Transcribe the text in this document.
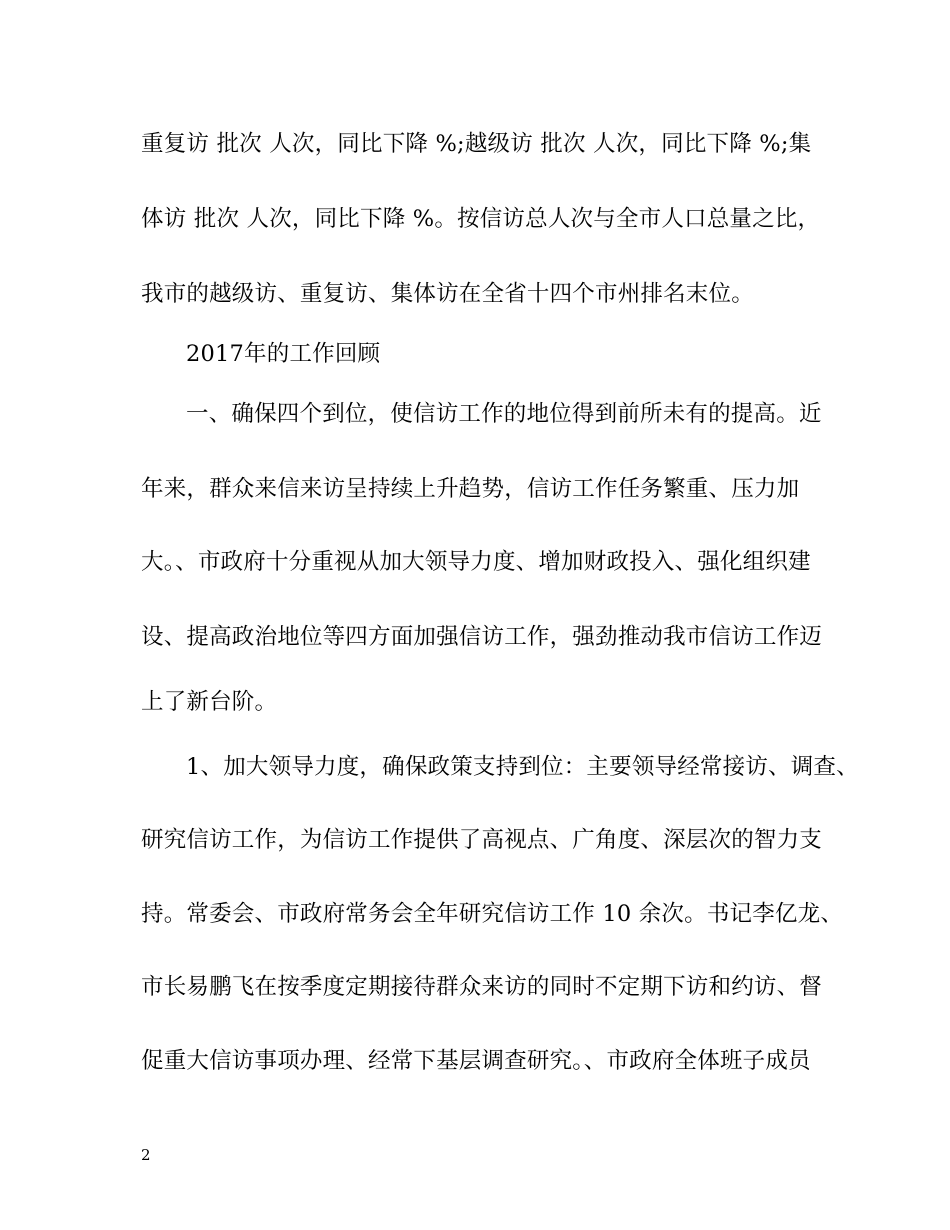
重复访 批次 人次，同比下降 %;越级访 批次 人次，同比下降 %;集
体访 批次 人次，同比下降 %。按信访总人次与全市人口总量之比，
我市的越级访、重复访、集体访在全省十四个市州排名末位。
2017年的工作回顾
一、确保四个到位，使信访工作的地位得到前所未有的提高。近
年来，群众来信来访呈持续上升趋势，信访工作任务繁重、压力加
大。、市政府十分重视从加大领导力度、增加财政投入、强化组织建
设、提高政治地位等四方面加强信访工作，强劲推动我市信访工作迈
上了新台阶。
1、加大领导力度，确保政策支持到位：主要领导经常接访、调查、
研究信访工作，为信访工作提供了高视点、广角度、深层次的智力支
持。常委会、市政府常务会全年研究信访工作 10 余次。书记李亿龙、
市长易鹏飞在按季度定期接待群众来访的同时不定期下访和约访、督
促重大信访事项办理、经常下基层调查研究。、市政府全体班子成员
2
